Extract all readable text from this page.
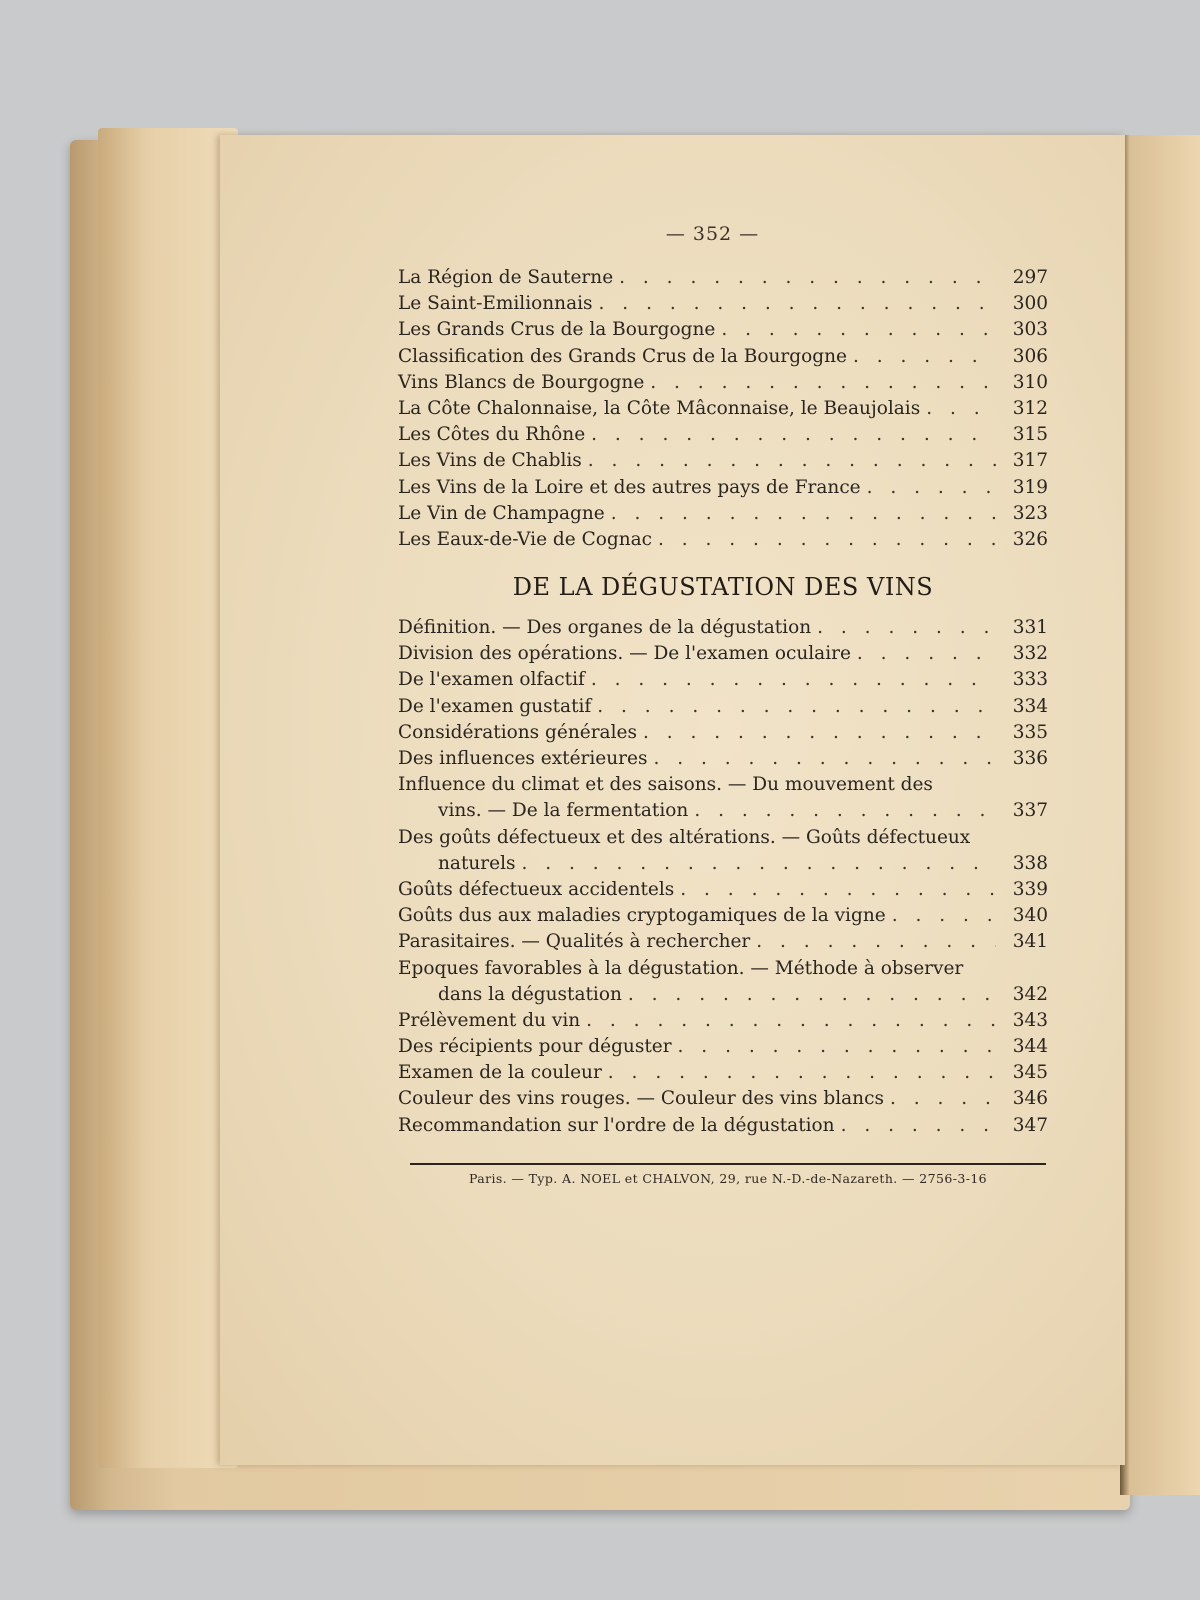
— 352 —
La Région de Sauterne . . .	297
Le Saint-Emilionnais . . .	300
Les Grands Crus de la Bourgogne . . .	303
Classification des Grands Crus de la Bourgogne . . .	306
Vins Blancs de Bourgogne . . .	310
La Côte Chalonnaise, la Côte Mâconnaise, le Beaujolais . . .	312
Les Côtes du Rhône . . .	315
Les Vins de Chablis . . .	317
Les Vins de la Loire et des autres pays de France . . .	319
Le Vin de Champagne . . .	323
Les Eaux-de-Vie de Cognac . . .	326
DE LA DÉGUSTATION DES VINS
Définition. — Des organes de la dégustation . . .	331
Division des opérations. — De l'examen oculaire . . .	332
De l'examen olfactif . . .	333
De l'examen gustatif . . .	334
Considérations générales . . .	335
Des influences extérieures . . .	336
Influence du climat et des saisons. — Du mouvement des
vins. — De la fermentation . . .	337
Des goûts défectueux et des altérations. — Goûts défectueux
naturels . . .	338
Goûts défectueux accidentels . . .	339
Goûts dus aux maladies cryptogamiques de la vigne . . .	340
Parasitaires. — Qualités à rechercher . . .	341
Epoques favorables à la dégustation. — Méthode à observer
dans la dégustation . . .	342
Prélèvement du vin . . .	343
Des récipients pour déguster . . .	344
Examen de la couleur . . .	345
Couleur des vins rouges. — Couleur des vins blancs . . .	346
Recommandation sur l'ordre de la dégustation . . .	347
Paris. — Typ. A. NOEL et CHALVON, 29, rue N.-D.-de-Nazareth. — 2756-3-16
